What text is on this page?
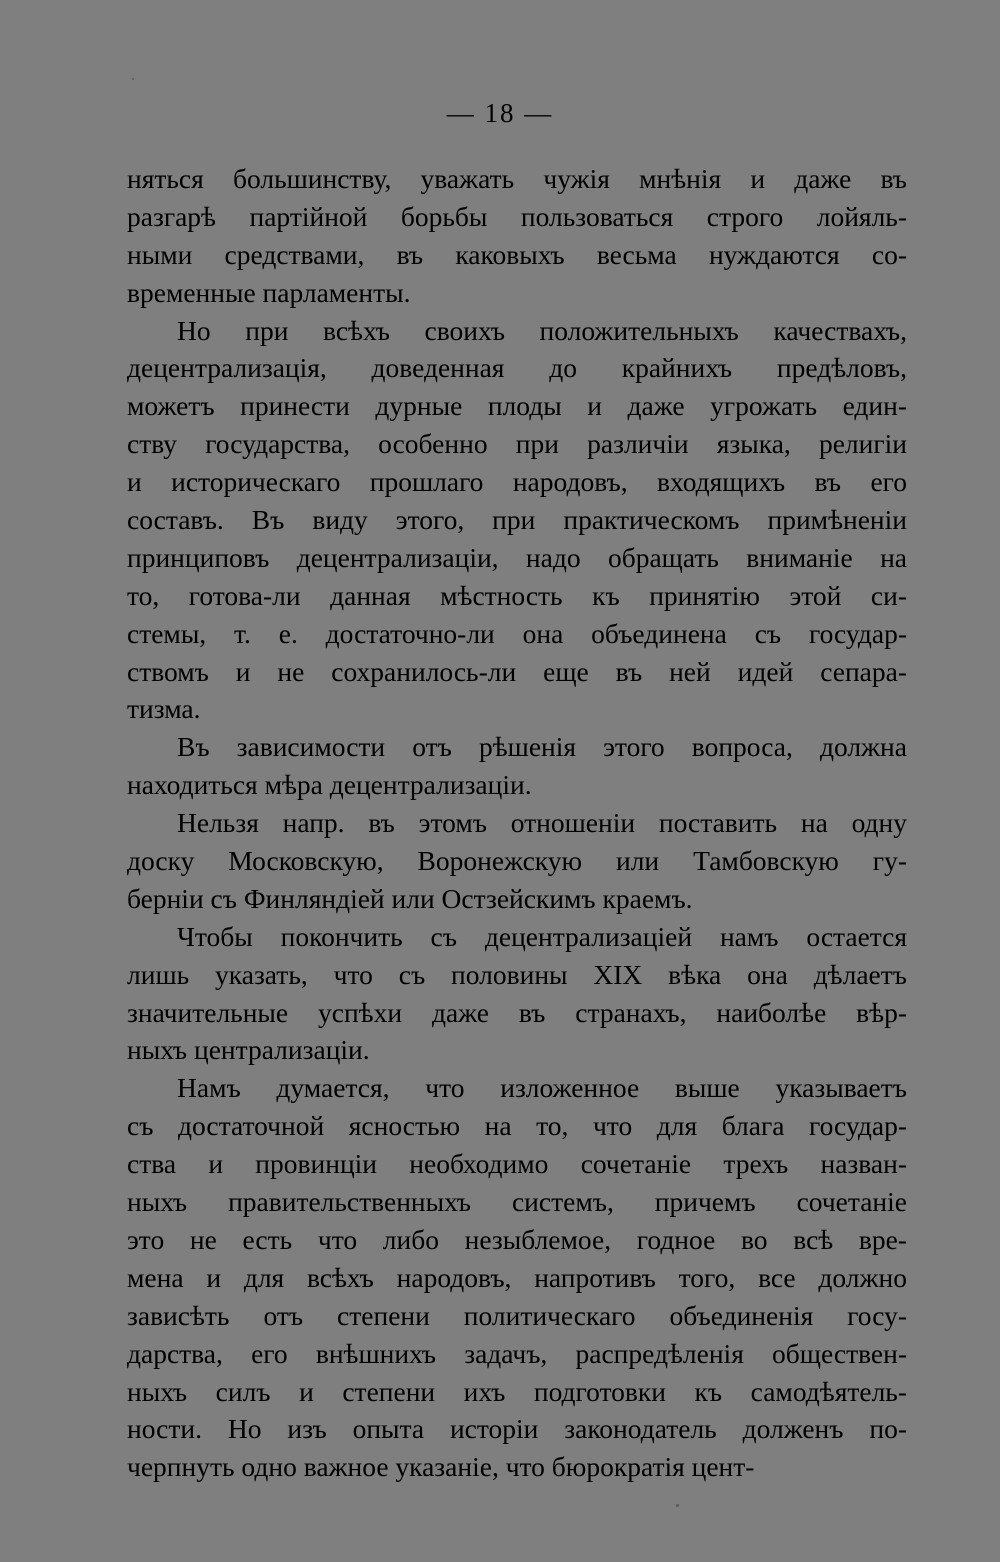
— 18 —
няться большинству, уважать чужія мнѣнія и даже въ
разгарѣ партійной борьбы пользоваться строго лойяль-
ными средствами, въ каковыхъ весьма нуждаются со-
временные парламенты.
Но при всѣхъ своихъ положительныхъ качествахъ,
децентрализація, доведенная до крайнихъ предѣловъ,
можетъ принести дурные плоды и даже угрожать един-
ству государства, особенно при различіи языка, религіи
и историческаго прошлаго народовъ, входящихъ въ его
составъ. Въ виду этого, при практическомъ примѣненіи
принциповъ децентрализаціи, надо обращать вниманіе на
то, готова-ли данная мѣстность къ принятію этой си-
стемы, т. е. достаточно-ли она объединена съ государ-
ствомъ и не сохранилось-ли еще въ ней идей сепара-
тизма.
Въ зависимости отъ рѣшенія этого вопроса, должна
находиться мѣра децентрализаціи.
Нельзя напр. въ этомъ отношеніи поставить на одну
доску Московскую, Воронежскую или Тамбовскую гу-
берніи съ Финляндіей или Остзейскимъ краемъ.
Чтобы покончить съ децентрализаціей намъ остается
лишь указать, что съ половины XIX вѣка она дѣлаетъ
значительные успѣхи даже въ странахъ, наиболѣе вѣр-
ныхъ централизаціи.
Намъ думается, что изложенное выше указываетъ
съ достаточной ясностью на то, что для блага государ-
ства и провинціи необходимо сочетаніе трехъ назван-
ныхъ правительственныхъ системъ, причемъ сочетаніе
это не есть что либо незыблемое, годное во всѣ вре-
мена и для всѣхъ народовъ, напротивъ того, все должно
зависѣть отъ степени политическаго объединенія госу-
дарства, его внѣшнихъ задачъ, распредѣленія обществен-
ныхъ силъ и степени ихъ подготовки къ самодѣятель-
ности. Но изъ опыта исторіи законодатель долженъ по-
черпнуть одно важное указаніе, что бюрократія цент-
